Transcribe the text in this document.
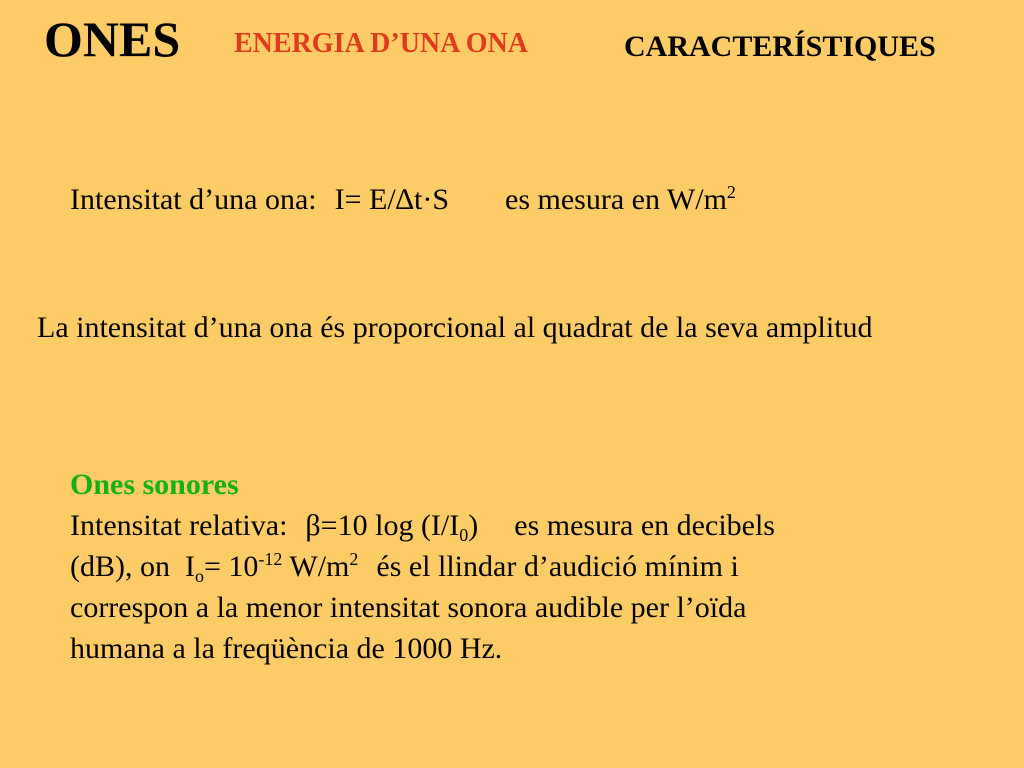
ONES ENERGIA D’UNA ONA	CARACTERÍSTIQUES
Intensitat d’una ona: I= E/∆t·S es mesura en $W/m^2$
La intensitat d’una ona és proporcional al quadrat de la seva amplitud
Ones sonores
Intensitat relativa: β=10 $\log (I/I_0)$ es mesura en decibels
(dB), on $I_o= 10^{-12}$ $W/m^2$ és el llindar d’audició mínim i
correspon a la menor intensitat sonora audible per l’oïda
humana a la freqüència de 1000 Hz.
